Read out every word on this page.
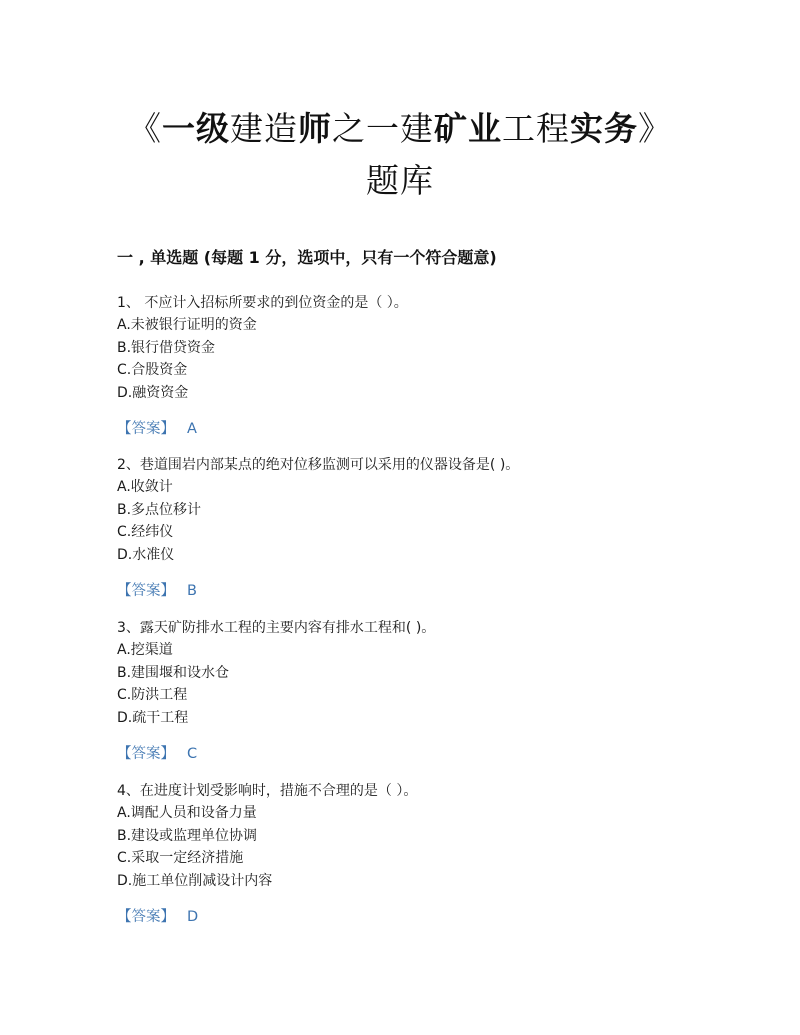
《一级建造师之一建矿业工程实务》
题库
一 , 单选题 (每题 1 分，选项中，只有一个符合题意)
1、 不应计入招标所要求的到位资金的是（ ）。
A.未被银行证明的资金
B.银行借贷资金
C.合股资金
D.融资资金
【答案】 A
2、巷道围岩内部某点的绝对位移监测可以采用的仪器设备是( )。
A.收敛计
B.多点位移计
C.经纬仪
D.水准仪
【答案】 B
3、露天矿防排水工程的主要内容有排水工程和( )。
A.挖渠道
B.建围堰和设水仓
C.防洪工程
D.疏干工程
【答案】 C
4、在进度计划受影响时，措施不合理的是（ ）。
A.调配人员和设备力量
B.建设或监理单位协调
C.采取一定经济措施
D.施工单位削减设计内容
【答案】 D
